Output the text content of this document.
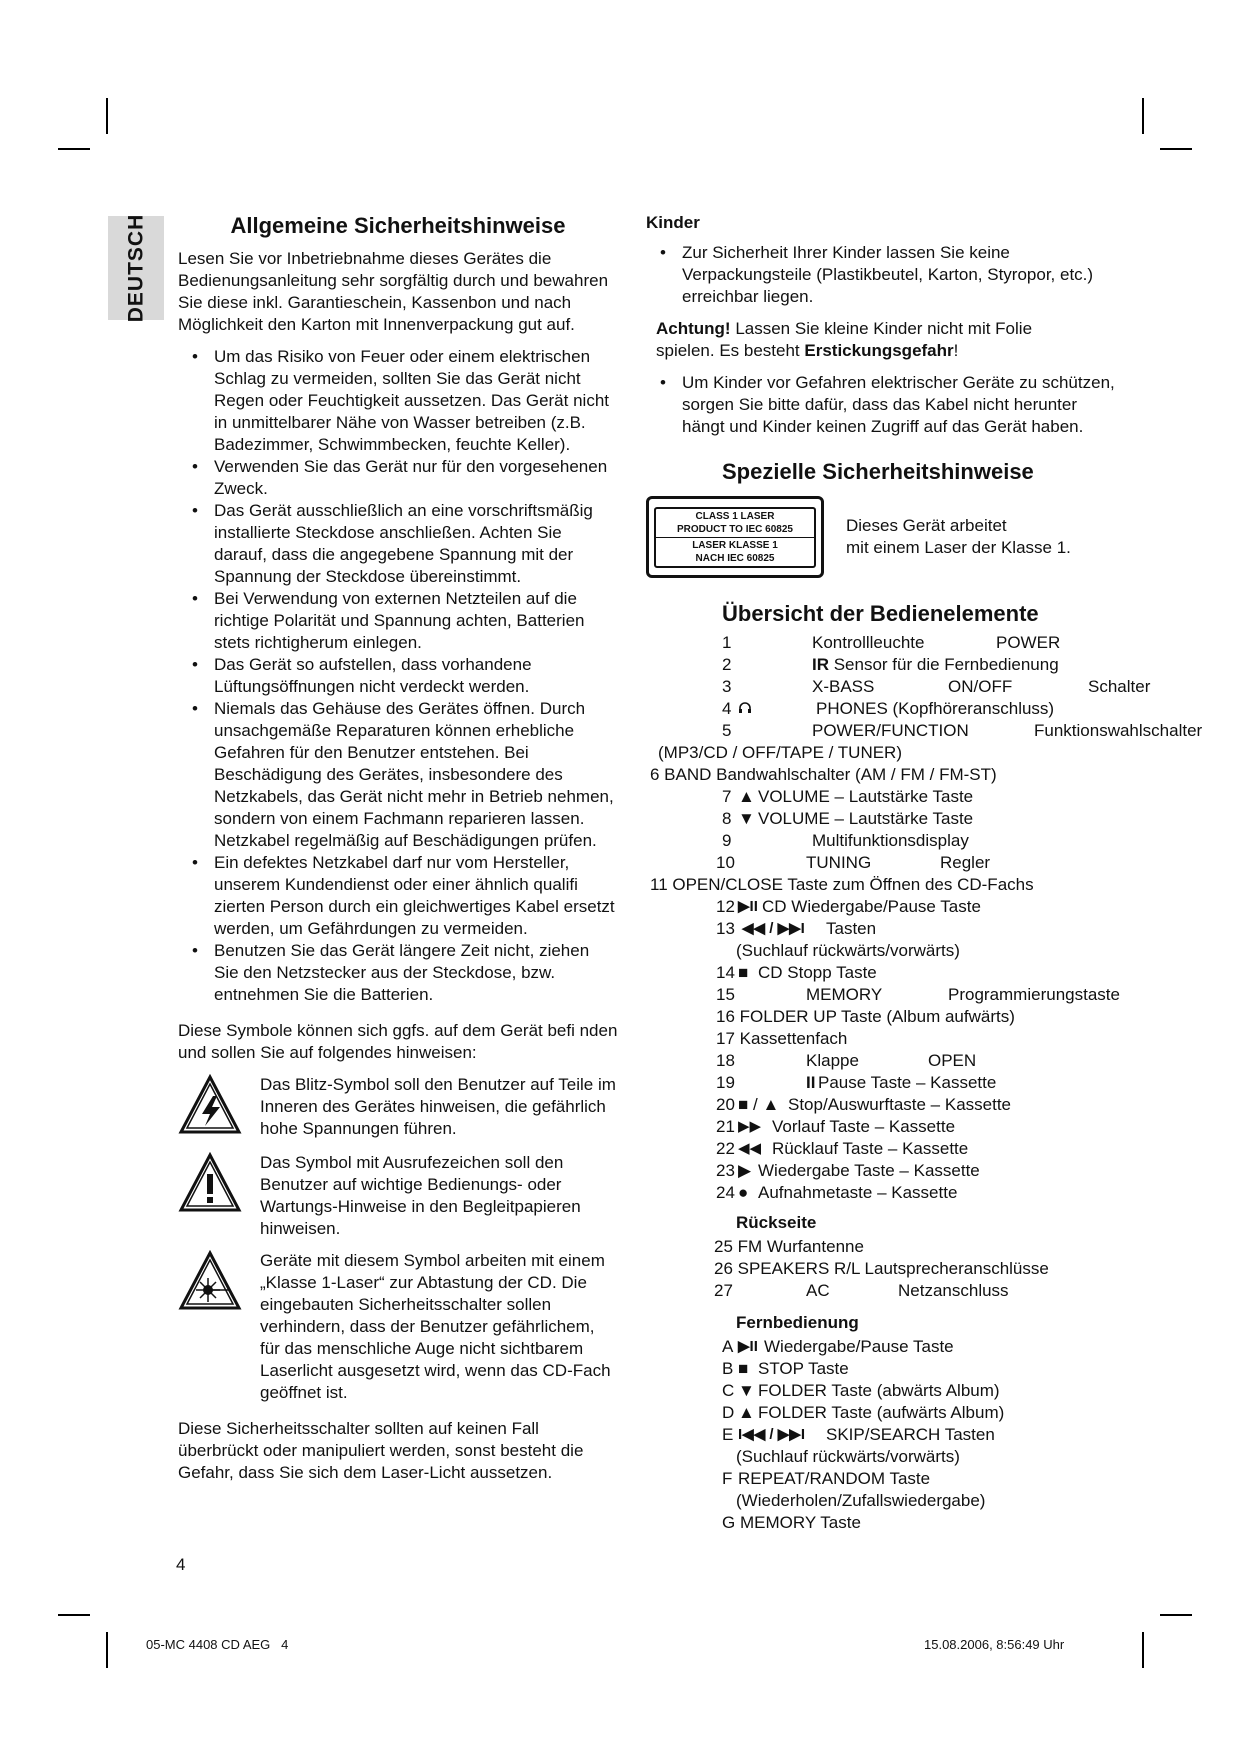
DEUTSCH	Allgemeine Sicherheitshinweise

Lesen Sie vor Inbetriebnahme dieses Gerätes die Bedienungsanleitung sehr sorgfältig durch und bewahren Sie diese inkl. Garantieschein, Kassenbon und nach Möglichkeit den Karton mit Innenverpackung gut auf.

• Um das Risiko von Feuer oder einem elektrischen Schlag zu vermeiden, sollten Sie das Gerät nicht Regen oder Feuchtigkeit aussetzen. Das Gerät nicht in unmittelbarer Nähe von Wasser betreiben (z.B. Badezimmer, Schwimmbecken, feuchte Keller).

• Verwenden Sie das Gerät nur für den vorgesehenen Zweck.

• Das Gerät ausschließlich an eine vorschriftsmäßig installierte Steckdose anschließen. Achten Sie darauf, dass die angegebene Spannung mit der Spannung der Steckdose übereinstimmt.

• Bei Verwendung von externen Netzteilen auf die richtige Polarität und Spannung achten, Batterien stets richtigherum einlegen.

• Das Gerät so aufstellen, dass vorhandene Lüftungsöffnungen nicht verdeckt werden.

• Niemals das Gehäuse des Gerätes öffnen. Durch unsachgemäße Reparaturen können erhebliche Gefahren für den Benutzer entstehen. Bei Beschädigung des Gerätes, insbesondere des Netzkabels, das Gerät nicht mehr in Betrieb nehmen, sondern von einem Fachmann reparieren lassen. Netzkabel regelmäßig auf Beschädigungen prüfen.

• Ein defektes Netzkabel darf nur vom Hersteller, unserem Kundendienst oder einer ähnlich qualifi zierten Person durch ein gleichwertiges Kabel ersetzt werden, um Gefährdungen zu vermeiden.

• Benutzen Sie das Gerät längere Zeit nicht, ziehen Sie den Netzstecker aus der Steckdose, bzw. entnehmen Sie die Batterien.

Diese Symbole können sich ggfs. auf dem Gerät befi nden und sollen Sie auf folgendes hinweisen:

Das Blitz-Symbol soll den Benutzer auf Teile im Inneren des Gerätes hinweisen, die gefährlich hohe Spannungen führen.

Das Symbol mit Ausrufezeichen soll den Benutzer auf wichtige Bedienungs- oder Wartungs-Hinweise in den Begleitpapieren hinweisen.

Geräte mit diesem Symbol arbeiten mit einem „Klasse 1-Laser“ zur Abtastung der CD. Die eingebauten Sicherheitsschalter sollen verhindern, dass der Benutzer gefährlichem, für das menschliche Auge nicht sichtbarem Laserlicht ausgesetzt wird, wenn das CD-Fach geöffnet ist.

Diese Sicherheitsschalter sollten auf keinen Fall überbrückt oder manipuliert werden, sonst besteht die Gefahr, dass Sie sich dem Laser-Licht aussetzen.

Kinder

• Zur Sicherheit Ihrer Kinder lassen Sie keine Verpackungsteile (Plastikbeutel, Karton, Styropor, etc.) erreichbar liegen.

Achtung! Lassen Sie kleine Kinder nicht mit Folie spielen. Es besteht Erstickungsgefahr!

• Um Kinder vor Gefahren elektrischer Geräte zu schützen, sorgen Sie bitte dafür, dass das Kabel nicht herunter hängt und Kinder keinen Zugriff auf das Gerät haben.

Spezielle Sicherheitshinweise
CLASS 1 LASER
PRODUCT TO IEC 60825
LASER KLASSE 1
NACH IEC 60825
Dieses Gerät arbeitet
mit einem Laser der Klasse 1.
Übersicht der Bedienelemente
1	Kontrollleuchte	POWER
2	IR Sensor für die Fernbedienung
3	X-BASS	ON/OFF	Schalter
4	PHONES (Kopfhöreranschluss)
5	POWER/FUNCTION	Funktionswahlschalter
(MP3/CD / OFF/TAPE / TUNER)
6 BAND Bandwahlschalter (AM / FM / FM-ST)
7 ▲ VOLUME – Lautstärke Taste
8 ▼ VOLUME – Lautstärke Taste
9	Multifunktionsdisplay
10	TUNING	Regler
11 OPEN/CLOSE Taste zum Öffnen des CD-Fachs
12 ▶II CD Wiedergabe/Pause Taste
13 ◀◀ / ▶▶I Tasten
(Suchlauf rückwärts/vorwärts)
14 ■ CD Stopp Taste
15	MEMORY	Programmierungstaste
16 FOLDER UP Taste (Album aufwärts)
17 Kassettenfach
18	Klappe	OPEN
19	II Pause Taste – Kassette
20 ■ / ▲ Stop/Auswurftaste – Kassette
21 ▶▶ Vorlauf Taste – Kassette
22 ◀◀ Rücklauf Taste – Kassette
23 ▶ Wiedergabe Taste – Kassette
24 ● Aufnahmetaste – Kassette
Rückseite
25 FM Wurfantenne
26 SPEAKERS R/L Lautsprecheranschlüsse
27	AC	Netzanschluss
Fernbedienung
A ▶II Wiedergabe/Pause Taste
B ■ STOP Taste
C ▼ FOLDER Taste (abwärts Album)
D ▲ FOLDER Taste (aufwärts Album)
E I◀◀ / ▶▶I SKIP/SEARCH Tasten
(Suchlauf rückwärts/vorwärts)
F REPEAT/RANDOM Taste
(Wiederholen/Zufallswiedergabe)
G MEMORY Taste
4
05-MC 4408 CD AEG   4	15.08.2006, 8:56:49 Uhr
